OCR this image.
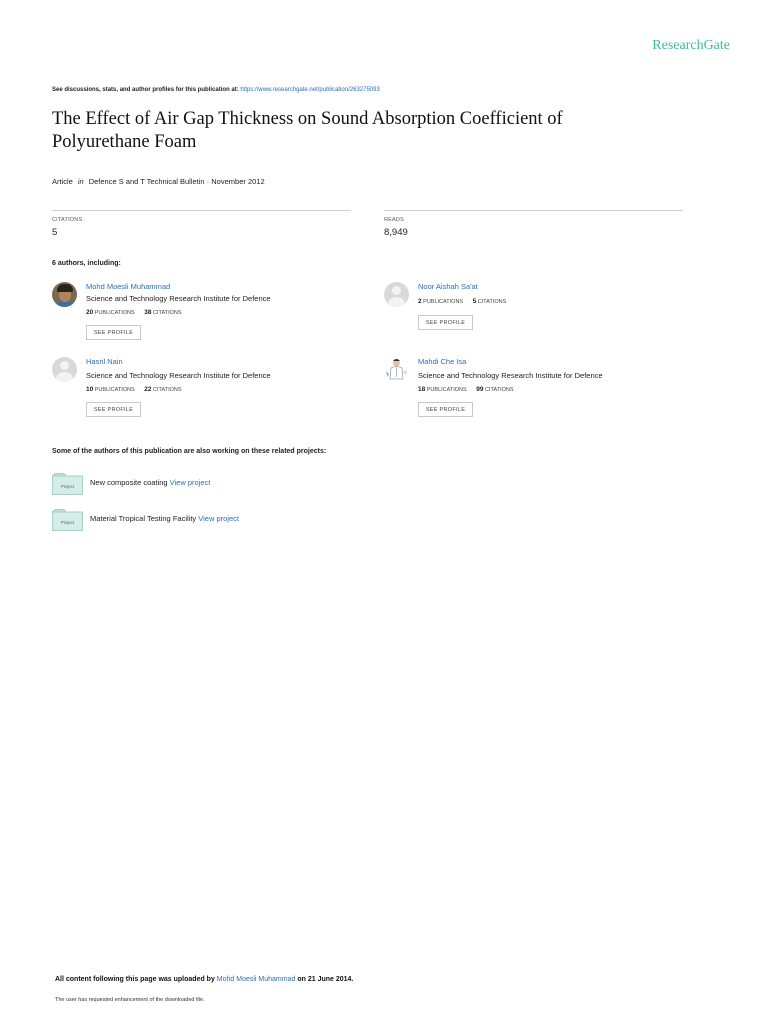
ResearchGate
See discussions, stats, and author profiles for this publication at: https://www.researchgate.net/publication/263275093
The Effect of Air Gap Thickness on Sound Absorption Coefficient of
Polyurethane Foam
Article in Defence S and T Technical Bulletin · November 2012
CITATIONS
5
READS
8,949
6 authors, including:
Mohd Moesli Muhammad
Science and Technology Research Institute for Defence
20 PUBLICATIONS 38 CITATIONS
SEE PROFILE
Noor Aishah Sa'at
2 PUBLICATIONS 5 CITATIONS
SEE PROFILE
Hasril Nain
Science and Technology Research Institute for Defence
10 PUBLICATIONS 22 CITATIONS
SEE PROFILE
Mahdi Che Isa
Science and Technology Research Institute for Defence
18 PUBLICATIONS 99 CITATIONS
SEE PROFILE
Some of the authors of this publication are also working on these related projects:
Project New composite coating View project
Project Material Tropical Testing Facility View project
All content following this page was uploaded by Mohd Moesli Muhammad on 21 June 2014.
The user has requested enhancement of the downloaded file.
